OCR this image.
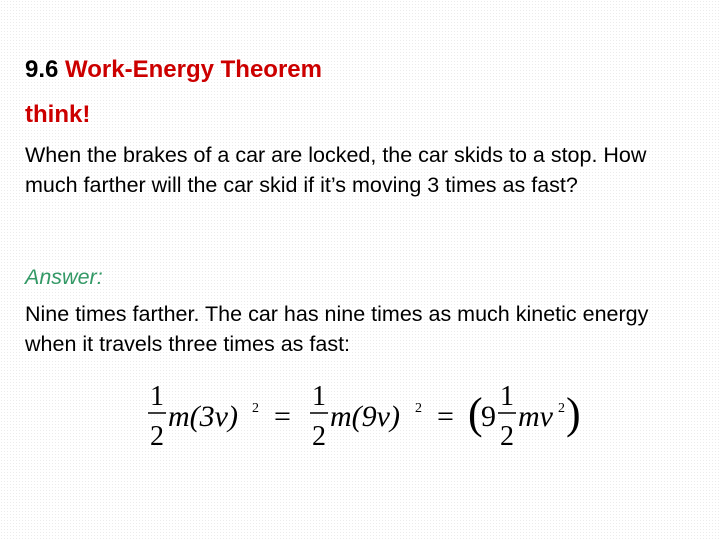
9.6 Work-Energy Theorem
think!
When the brakes of a car are locked, the car skids to a stop. How much farther will the car skid if it’s moving 3 times as fast?
Answer:
Nine times farther. The car has nine times as much kinetic energy when it travels three times as fast:
1
2
m(3v) 2 =
1
2
m(9v) 2 = (
9
1
2
mv 2 )
